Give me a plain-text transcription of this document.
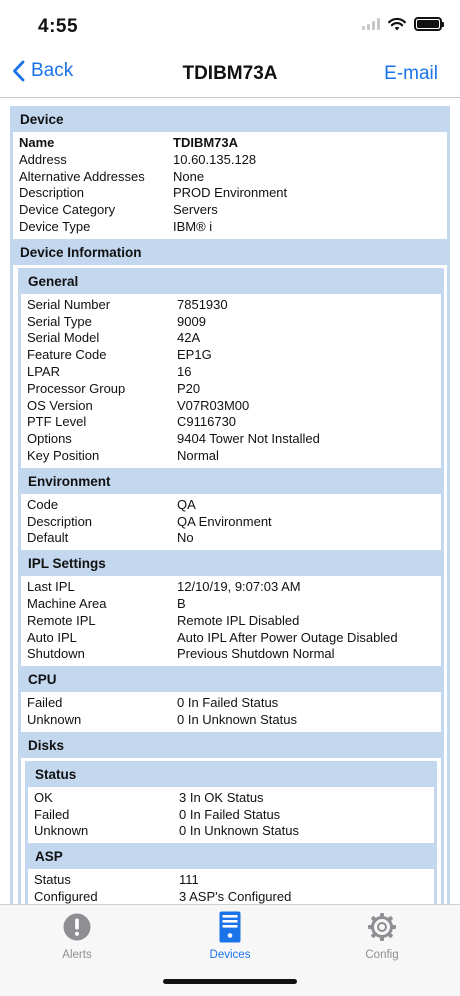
4:55
Back	TDIBM73A	E-mail
Device
Name	TDIBM73A
Address	10.60.135.128
Alternative Addresses	None
Description	PROD Environment
Device Category	Servers
Device Type	IBM® i
Device Information
General
Serial Number	7851930
Serial Type	9009
Serial Model	42A
Feature Code	EP1G
LPAR	16
Processor Group	P20
OS Version	V07R03M00
PTF Level	C9116730
Options	9404 Tower Not Installed
Key Position	Normal
Environment
Code	QA
Description	QA Environment
Default	No
IPL Settings
Last IPL	12/10/19, 9:07:03 AM
Machine Area	B
Remote IPL	Remote IPL Disabled
Auto IPL	Auto IPL After Power Outage Disabled
Shutdown	Previous Shutdown Normal
CPU
Failed	0 In Failed Status
Unknown	0 In Unknown Status
Disks
Status
OK	3 In OK Status
Failed	0 In Failed Status
Unknown	0 In Unknown Status
ASP
Status	111
Configured	3 ASP's Configured
Alerts	Devices	Config
